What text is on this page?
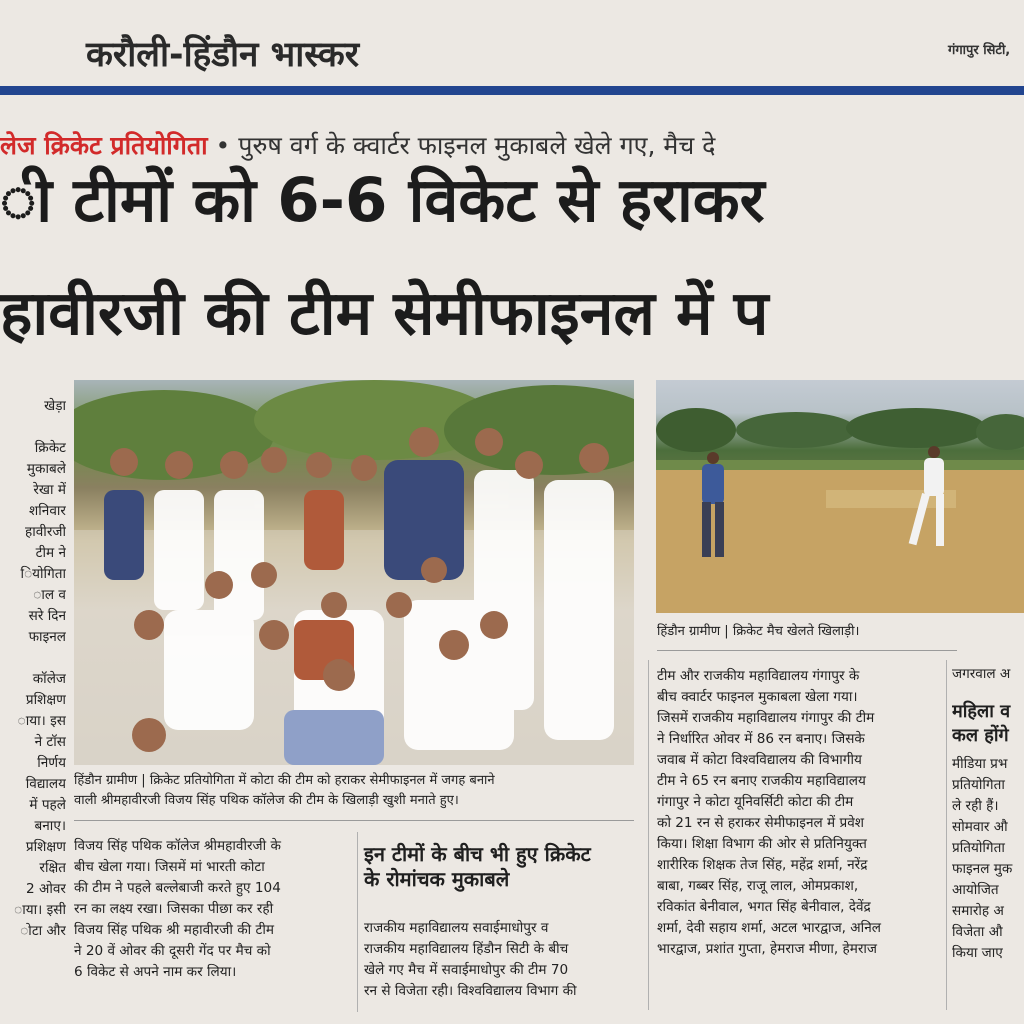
करौली-हिंडौन भास्कर	गंगापुर सिटी,
लेज क्रिकेट प्रतियोगिता • पुरुष वर्ग के क्वार्टर फाइनल मुकाबले खेले गए, मैच दे
ी टीमों को 6-6 विकेट से हराकर
हावीरजी की टीम सेमीफाइनल में प
खेड़ा
क्रिकेट
मुकाबले
रेखा में
शनिवार
हावीरजी
टीम ने
ियोगिता
ाल व
सरे दिन
फाइनल
कॉलेज
प्रशिक्षण
ाया। इस
ने टॉस
निर्णय
विद्यालय
में पहले
बनाए।
प्रशिक्षण
रक्षित
2 ओवर
ाया। इसी
ोटा और
हिंडौन ग्रामीण | क्रिकेट प्रतियोगिता में कोटा की टीम को हराकर सेमीफाइनल में जगह बनाने
वाली श्रीमहावीरजी विजय सिंह पथिक कॉलेज की टीम के खिलाड़ी खुशी मनाते हुए।
हिंडौन ग्रामीण | क्रिकेट मैच खेलते खिलाड़ी।
विजय सिंह पथिक कॉलेज श्रीमहावीरजी के
बीच खेला गया। जिसमें मां भारती कोटा
की टीम ने पहले बल्लेबाजी करते हुए 104
रन का लक्ष्य रखा। जिसका पीछा कर रही
विजय सिंह पथिक श्री महावीरजी की टीम
ने 20 वें ओवर की दूसरी गेंद पर मैच को
6 विकेट से अपने नाम कर लिया।
इन टीमों के बीच भी हुए क्रिकेट
के रोमांचक मुकाबले
राजकीय महाविद्यालय सवाईमाधोपुर व
राजकीय महाविद्यालय हिंडौन सिटी के बीच
खेले गए मैच में सवाईमाधोपुर की टीम 70
रन से विजेता रही। विश्वविद्यालय विभाग की
टीम और राजकीय महाविद्यालय गंगापुर के
बीच क्वार्टर फाइनल मुकाबला खेला गया।
जिसमें राजकीय महाविद्यालय गंगापुर की टीम
ने निर्धारित ओवर में 86 रन बनाए। जिसके
जवाब में कोटा विश्वविद्यालय की विभागीय
टीम ने 65 रन बनाए राजकीय महाविद्यालय
गंगापुर ने कोटा यूनिवर्सिटी कोटा की टीम
को 21 रन से हराकर सेमीफाइनल में प्रवेश
किया। शिक्षा विभाग की ओर से प्रतिनियुक्त
शारीरिक शिक्षक तेज सिंह, महेंद्र शर्मा, नरेंद्र
बाबा, गब्बर सिंह, राजू लाल, ओमप्रकाश,
रविकांत बेनीवाल, भगत सिंह बेनीवाल, देवेंद्र
शर्मा, देवी सहाय शर्मा, अटल भारद्वाज, अनिल
भारद्वाज, प्रशांत गुप्ता, हेमराज मीणा, हेमराज
जगरवाल अ
महिला व
कल होंगे
मीडिया प्रभ
प्रतियोगिता
ले रही हैं।
सोमवार औ
प्रतियोगिता
फाइनल मुक
आयोजित
समारोह अ
विजेता औ
किया जाए
